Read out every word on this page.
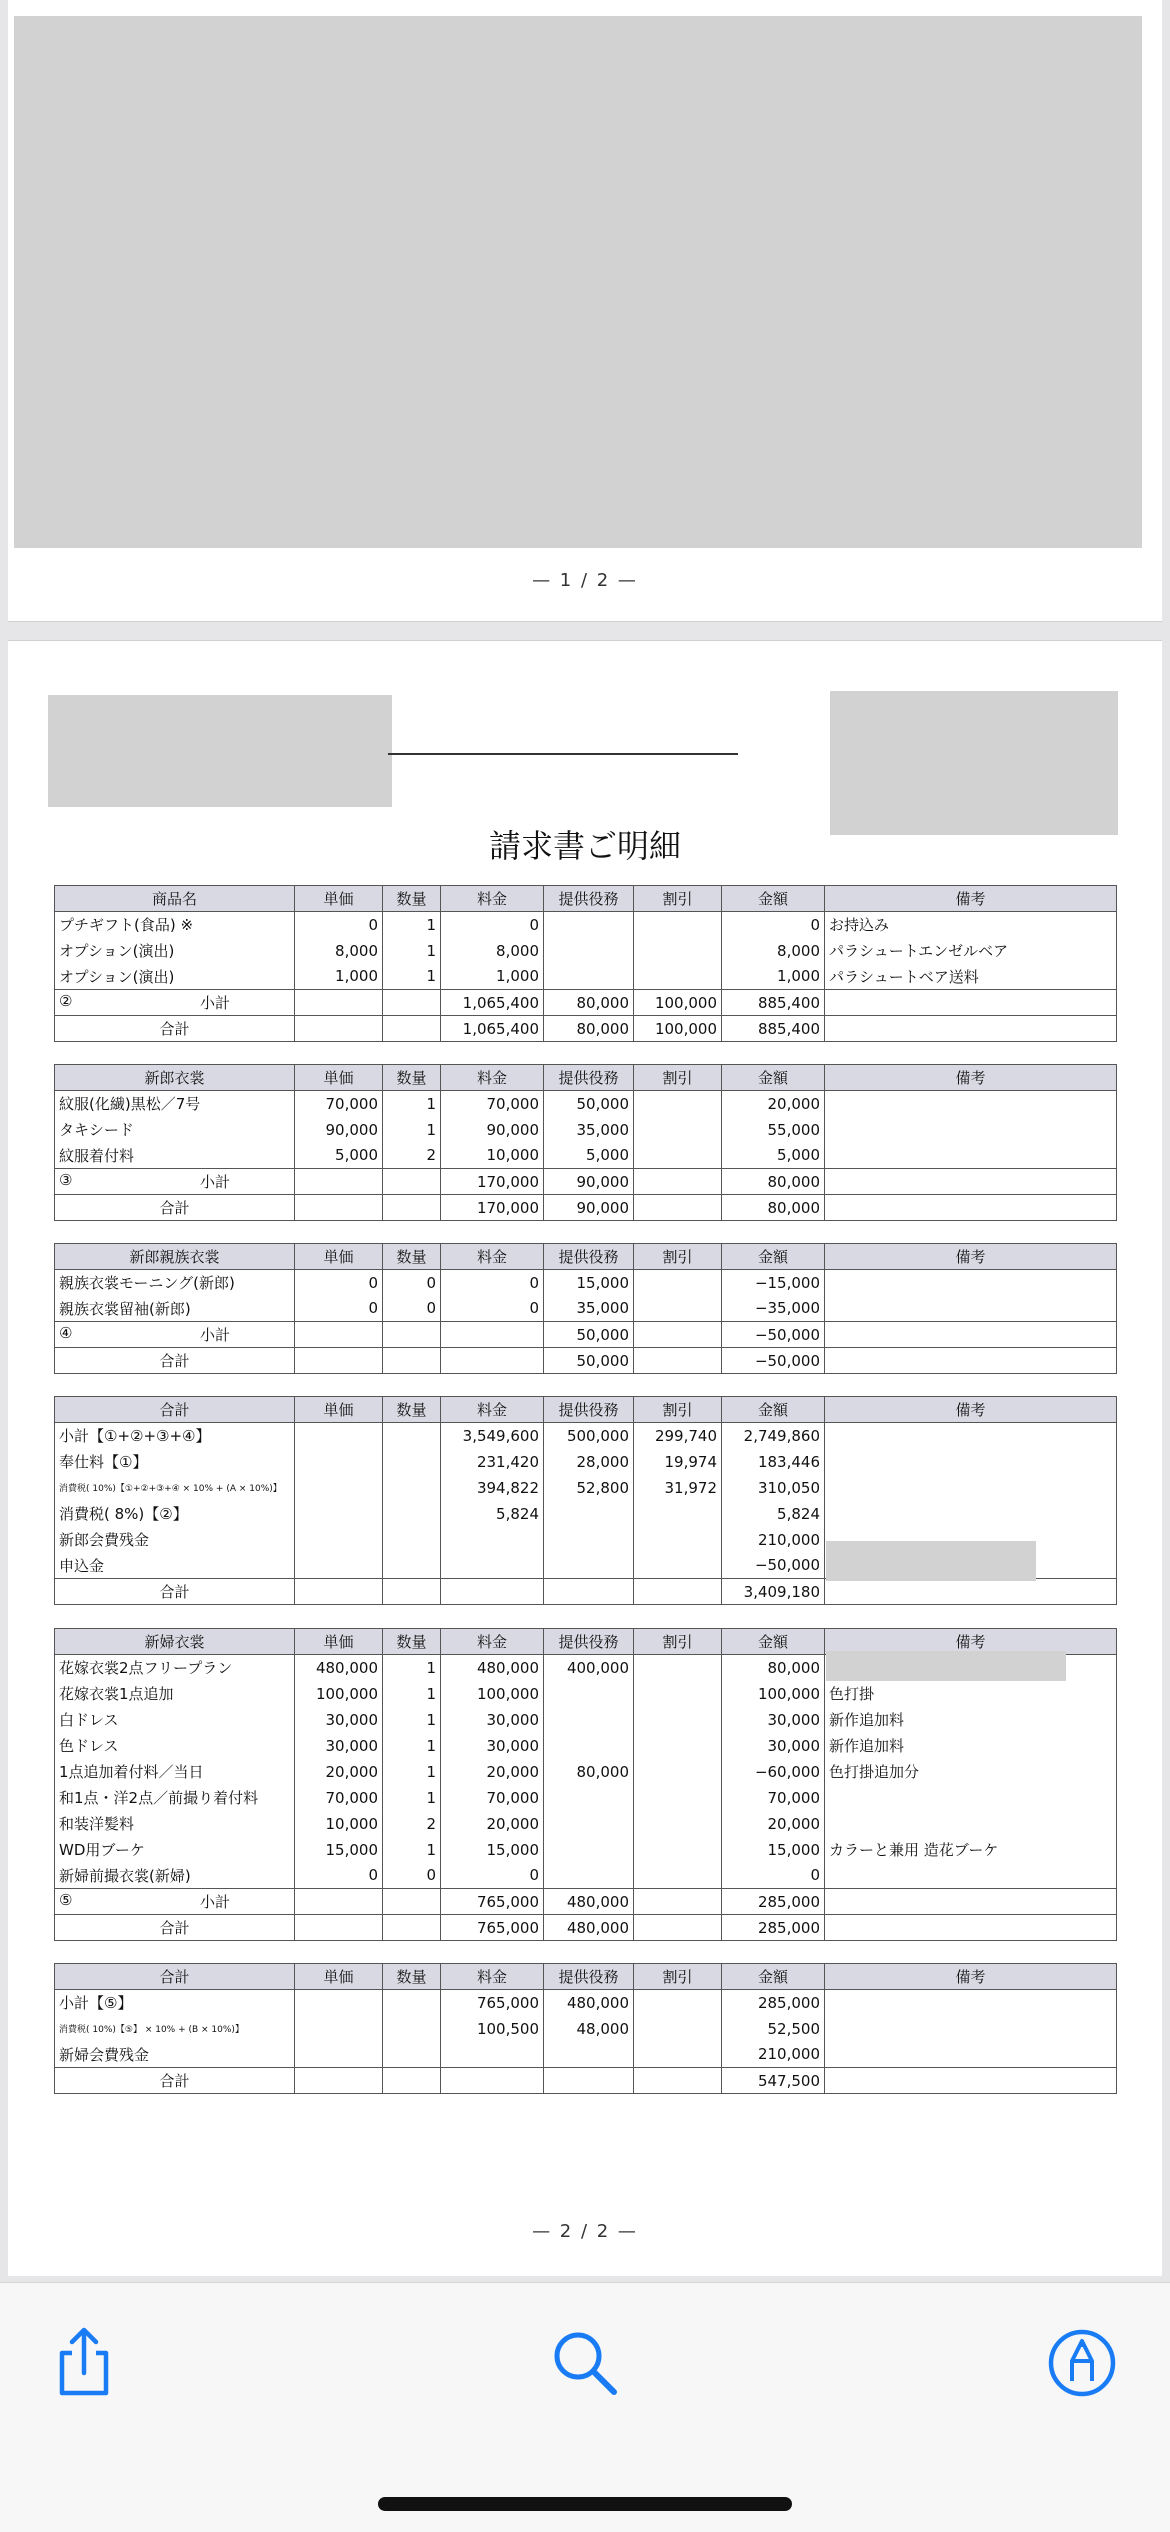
— 1 / 2 —
請求書ご明細
商品名	単価	数量	料金	提供役務	割引	金額	備考
プチギフト(食品) ※	0	1	0			0	お持込み
オプション(演出)	8,000	1	8,000			8,000	パラシュートエンゼルベア
オプション(演出)	1,000	1	1,000			1,000	パラシュートベア送料

② 小計			1,065,400	80,000	100,000	885,400	
合計			1,065,400	80,000	100,000	885,400	
新郎衣裳	単価	数量	料金	提供役務	割引	金額	備考
紋服(化繊)黒松／7号	70,000	1	70,000	50,000		20,000	
タキシード	90,000	1	90,000	35,000		55,000	
紋服着付料	5,000	2	10,000	5,000		5,000	

③ 小計			170,000	90,000		80,000	
合計			170,000	90,000		80,000	
新郎親族衣裳	単価	数量	料金	提供役務	割引	金額	備考
親族衣裳モーニング(新郎)	0	0	0	15,000		−15,000	
親族衣裳留袖(新郎)	0	0	0	35,000		−35,000	

④ 小計				50,000		−50,000	
合計				50,000		−50,000	
合計	単価	数量	料金	提供役務	割引	金額	備考
小計【①+②+③+④】			3,549,600	500,000	299,740	2,749,860	
奉仕料【①】			231,420	28,000	19,974	183,446	
消費税( 10%)【①+②+③+④ × 10% + (A × 10%)】			394,822	52,800	31,972	310,050	
消費税( 8%)【②】			5,824			5,824	
新郎会費残金						210,000	
申込金						−50,000	
合計						3,409,180	
新婦衣裳	単価	数量	料金	提供役務	割引	金額	備考
花嫁衣裳2点フリープラン	480,000	1	480,000	400,000		80,000	
花嫁衣裳1点追加	100,000	1	100,000			100,000	色打掛
白ドレス	30,000	1	30,000			30,000	新作追加料
色ドレス	30,000	1	30,000			30,000	新作追加料
1点追加着付料／当日	20,000	1	20,000	80,000		−60,000	色打掛追加分
和1点・洋2点／前撮り着付料	70,000	1	70,000			70,000	
和装洋髪料	10,000	2	20,000			20,000	
WD用ブーケ	15,000	1	15,000			15,000	カラーと兼用 造花ブーケ
新婦前撮衣裳(新婦)	0	0	0			0	

⑤ 小計			765,000	480,000		285,000	
合計			765,000	480,000		285,000	
合計	単価	数量	料金	提供役務	割引	金額	備考
小計【⑤】			765,000	480,000		285,000	
消費税( 10%)【⑤】 × 10% + (B × 10%)】			100,500	48,000		52,500	
新婦会費残金						210,000	
合計						547,500	
— 2 / 2 —
